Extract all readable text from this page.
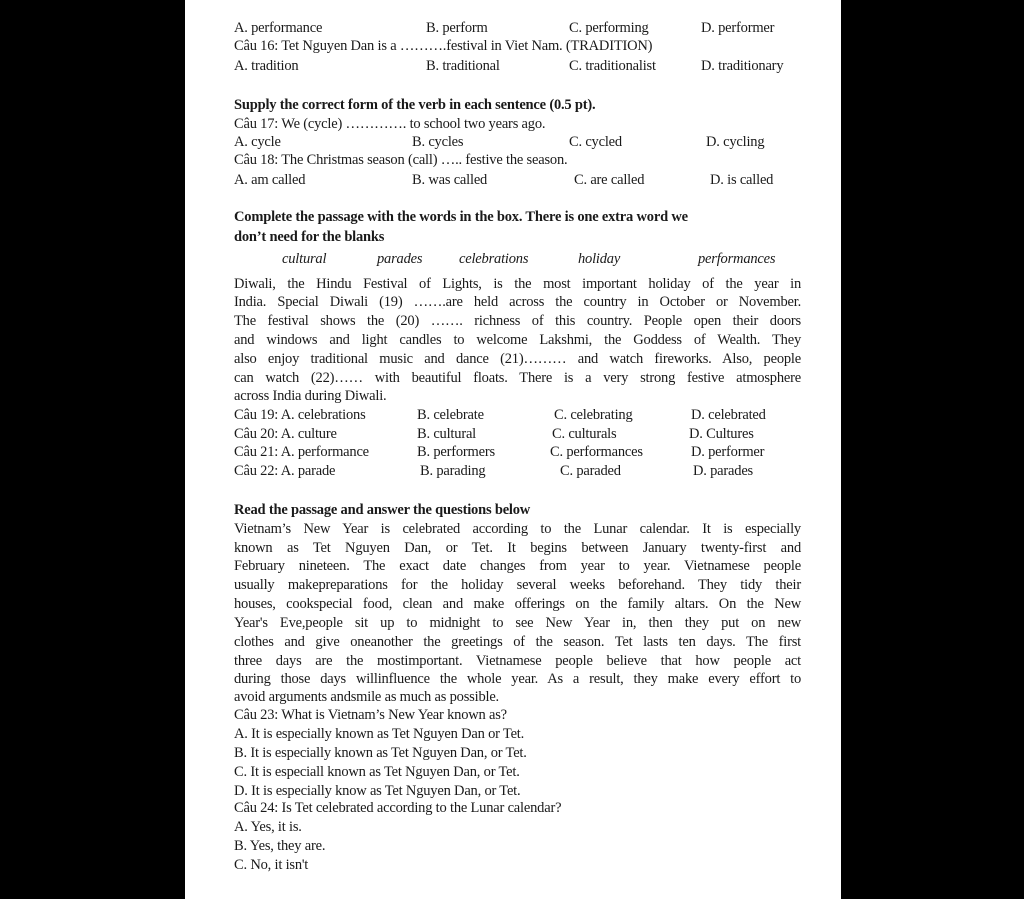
A. performance	B. perform	C. performing	D. performer
Câu 16: Tet Nguyen Dan is a ……….festival in Viet Nam. (TRADITION)
A. tradition	B. traditional	C. traditionalist	D. traditionary
Supply the correct form of the verb in each sentence (0.5 pt).
Câu 17: We (cycle) …………. to school two years ago.
A. cycle	B. cycles	C. cycled	D. cycling
Câu 18: The Christmas season (call) ….. festive the season.
A. am called	B. was called	C. are called	D. is called
Complete the passage with the words in the box. There is one extra word we
don’t need for the blanks
cultural	parades	celebrations	holiday	performances
Diwali, the Hindu Festival of Lights, is the most important holiday of the year in
India. Special Diwali (19) …….are held across the country in October or November.
The festival shows the (20) ……. richness of this country. People open their doors
and windows and light candles to welcome Lakshmi, the Goddess of Wealth. They
also enjoy traditional music and dance (21)……… and watch fireworks. Also, people
can watch (22)…… with beautiful floats. There is a very strong festive atmosphere
across India during Diwali.
Câu 19: A. celebrations	B. celebrate	C. celebrating	D. celebrated
Câu 20: A. culture	B. cultural	C. culturals	D. Cultures
Câu 21: A. performance	B. performers	C. performances	D. performer
Câu 22: A. parade	B. parading	C. paraded	D. parades
Read the passage and answer the questions below
Vietnam’s New Year is celebrated according to the Lunar calendar. It is especially
known as Tet Nguyen Dan, or Tet. It begins between January twenty-first and
February nineteen. The exact date changes from year to year. Vietnamese people
usually makepreparations for the holiday several weeks beforehand. They tidy their
houses, cookspecial food, clean and make offerings on the family altars. On the New
Year's Eve,people sit up to midnight to see New Year in, then they put on new
clothes and give oneanother the greetings of the season. Tet lasts ten days. The first
three days are the mostimportant. Vietnamese people believe that how people act
during those days willinfluence the whole year. As a result, they make every effort to
avoid arguments andsmile as much as possible.
Câu 23: What is Vietnam’s New Year known as?
A. It is especially known as Tet Nguyen Dan or Tet.
B. It is especially known as Tet Nguyen Dan, or Tet.
C. It is especiall known as Tet Nguyen Dan, or Tet.
D. It is especially know as Tet Nguyen Dan, or Tet.
Câu 24: Is Tet celebrated according to the Lunar calendar?
A. Yes, it is.
B. Yes, they are.
C. No, it isn't
